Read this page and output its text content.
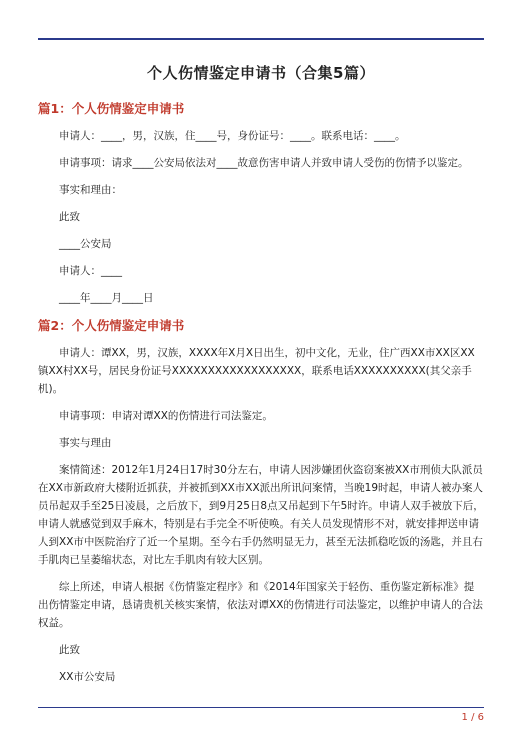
个人伤情鉴定申请书（合集5篇）
篇1：个人伤情鉴定申请书
申请人：____，男，汉族，住____号，身份证号：____。联系电话：____。
申请事项：请求____公安局依法对____故意伤害申请人并致申请人受伤的伤情予以鉴定。
事实和理由：
此致
____公安局
申请人：____
____年____月____日
篇2：个人伤情鉴定申请书
申请人：谭XX，男，汉族，XXXX年X月X日出生，初中文化，无业，住广西XX市XX区XX镇XX村XX号，居民身份证号XXXXXXXXXXXXXXXXXX，联系电话XXXXXXXXXX(其父亲手机)。
申请事项：申请对谭XX的伤情进行司法鉴定。
事实与理由
案情简述：2012年1月24日17时30分左右，申请人因涉嫌团伙盗窃案被XX市刑侦大队派员在XX市新政府大楼附近抓获，并被抓到XX市XX派出所讯问案情，当晚19时起，申请人被办案人员吊起双手至25日凌晨，之后放下，到9月25日8点又吊起到下午5时许。申请人双手被放下后，申请人就感觉到双手麻木，特别是右手完全不听使唤。有关人员发现情形不对，就安排押送申请人到XX市中医院治疗了近一个星期。至今右手仍然明显无力，甚至无法抓稳吃饭的汤匙，并且右手肌肉已呈萎缩状态，对比左手肌肉有较大区别。
综上所述，申请人根据《伤情鉴定程序》和《2014年国家关于轻伤、重伤鉴定新标准》提出伤情鉴定申请，恳请贵机关核实案情，依法对谭XX的伤情进行司法鉴定，以维护申请人的合法权益。
此致
XX市公安局
1 / 6
